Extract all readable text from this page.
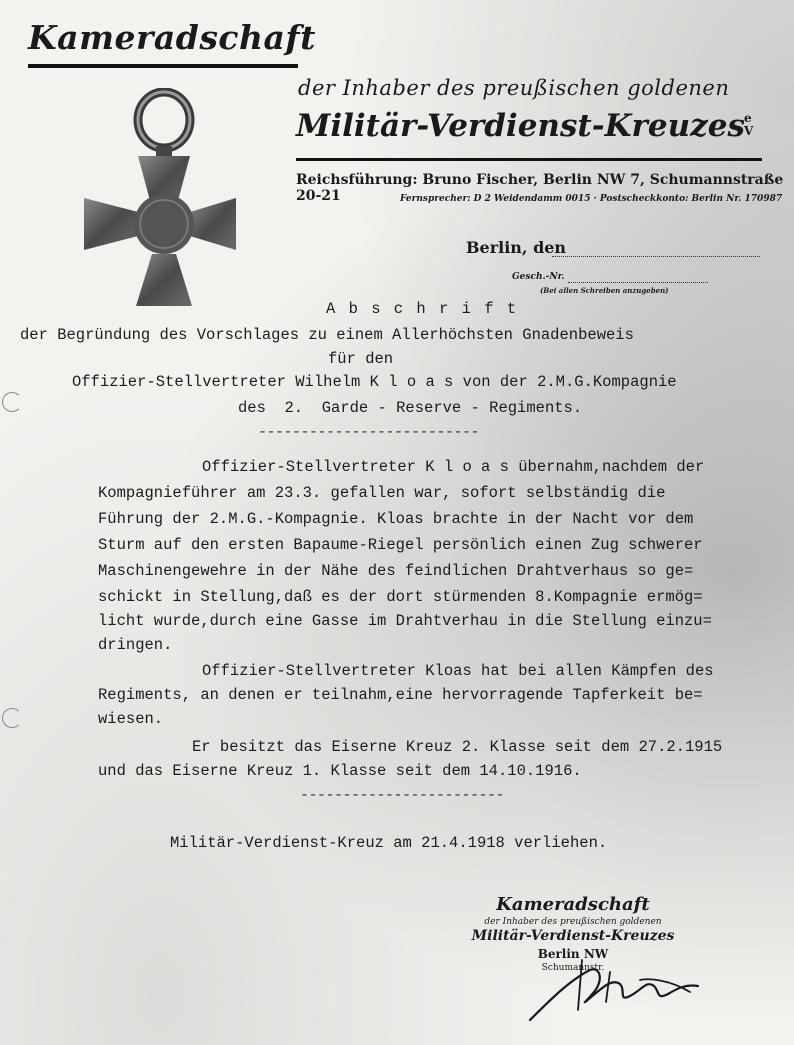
Kameradschaft
der Inhaber des preußischen goldenen
Militär-Verdienst-Kreuzes e
V
Reichsführung: Bruno Fischer, Berlin NW 7, Schumannstraße 20-21	Fernsprecher: D 2 Weidendamm 0015 · Postscheckkonto: Berlin Nr. 170987
Berlin, den
Gesch.-Nr.
(Bei allen Schreiben anzugeben)
A b s c h r i f t
der Begründung des Vorschlages zu einem Allerhöchsten Gnadenbeweis
für den
Offizier-Stellvertreter Wilhelm K l o a s von der 2.M.G.Kompagnie
des  2.  Garde - Reserve - Regiments.
--------------------------
Offizier-Stellvertreter K l o a s übernahm,nachdem der
Kompagnieführer am 23.3. gefallen war, sofort selbständig die
Führung der 2.M.G.-Kompagnie. Kloas brachte in der Nacht vor dem
Sturm auf den ersten Bapaume-Riegel persönlich einen Zug schwerer
Maschinengewehre in der Nähe des feindlichen Drahtverhaus so ge=
schickt in Stellung,daß es der dort stürmenden 8.Kompagnie ermög=
licht wurde,durch eine Gasse im Drahtverhau in die Stellung einzu=
dringen.
Offizier-Stellvertreter Kloas hat bei allen Kämpfen des
Regiments, an denen er teilnahm,eine hervorragende Tapferkeit be=
wiesen.
Er besitzt das Eiserne Kreuz 2. Klasse seit dem 27.2.1915
und das Eiserne Kreuz 1. Klasse seit dem 14.10.1916.
------------------------
Militär-Verdienst-Kreuz am 21.4.1918 verliehen.
Kameradschaft
der Inhaber des preußischen goldenen
Militär-Verdienst-Kreuzes
Berlin NW
Schumannstr.
